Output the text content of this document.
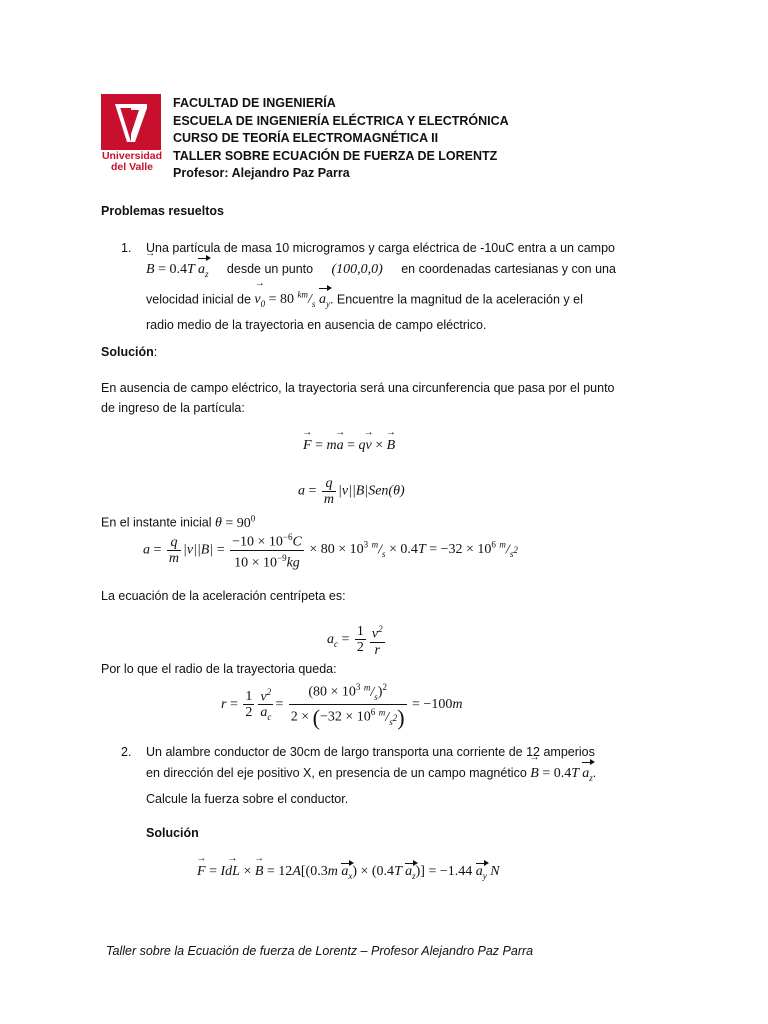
Universidad
del Valle
FACULTAD DE INGENIERÍA
ESCUELA DE INGENIERÍA ELÉCTRICA Y ELECTRÓNICA
CURSO DE TEORÍA ELECTROMAGNÉTICA II
TALLER SOBRE ECUACIÓN DE FUERZA DE LORENTZ
Profesor: Alejandro Paz Parra
Problemas resueltos
1. Una partícula de masa 10 microgramos y carga eléctrica de -10uC entra a un campo
→ B = 0.4T $a_z$ desde un punto (100,0,0) en coordenadas cartesianas y con una
velocidad inicial de → $v_0 = 80$ $^{km}/_s$ $a_y$. Encuentre la magnitud de la aceleración y el
radio medio de la trayectoria en ausencia de campo eléctrico.
Solución:
En ausencia de campo eléctrico, la trayectoria será una circunferencia que pasa por el punto
de ingreso de la partícula:
→ F = m→ a = q→ v × → B
$a = \frac{q}{m} |v||B|Sen(\theta)$
En el instante inicial $\theta = 90^0$
$a = \frac{q}{m} |v||B| = \frac{-10 \times 10^{-6}C}{10 \times 10^{-9}kg} \times 80 \times 10^3$ $^m/_s \times 0.4T = -32 \times 10^6$ $^m/_{s^2}$
La ecuación de la aceleración centrípeta es:
$a_c = \frac{1}{2} \frac{v^2}{r}$
Por lo que el radio de la trayectoria queda:
$r = \frac{1}{2} \frac{v^2}{a_c} = \frac{(80 \times 10^3 ^m/_s)^2}{2 \times (-32 \times 10^6 ^m/_{s^2})} = -100m$
2. Un alambre conductor de 30cm de largo transporta una corriente de 12 amperios
en dirección del eje positivo X, en presencia de un campo magnético → B = 0.4T $a_z$.
Calcule la fuerza sobre el conductor.
Solución
→ F = I→ dL × → B = 12A[(0.3m $a_x) \times (0.4T$ $a_z)] = -1.44$ $a_y$ N
Taller sobre la Ecuación de fuerza de Lorentz – Profesor Alejandro Paz Parra
